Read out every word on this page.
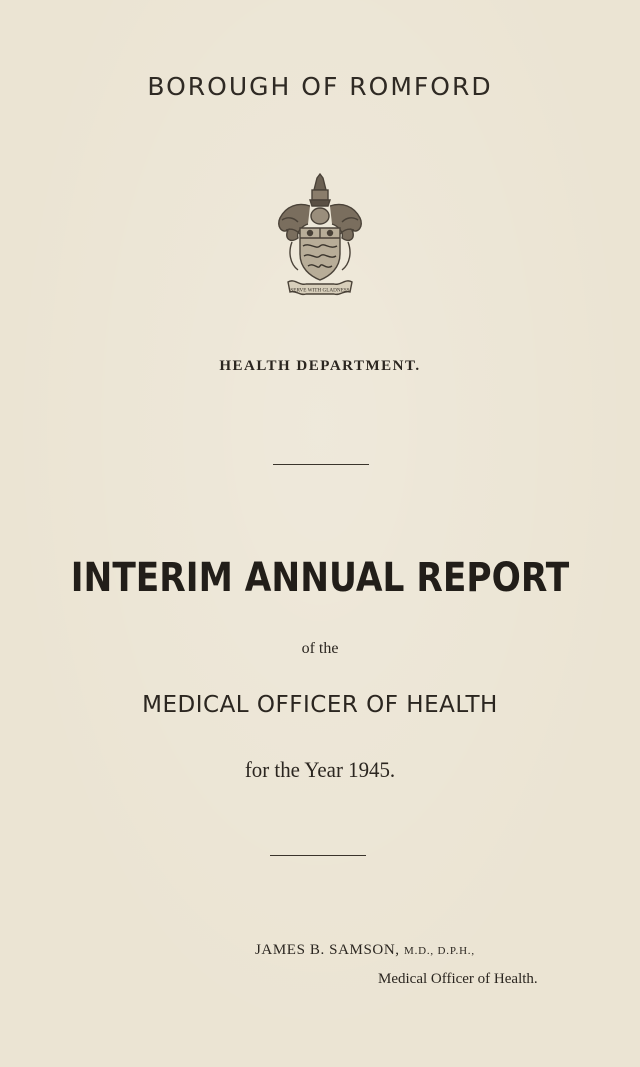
BOROUGH OF ROMFORD
SERVE WITH GLADNESS
HEALTH DEPARTMENT.
INTERIM ANNUAL REPORT

of the

MEDICAL OFFICER OF HEALTH

for the Year 1945.

JAMES B. SAMSON, M.D., D.P.H.,
Medical Officer of Health.
